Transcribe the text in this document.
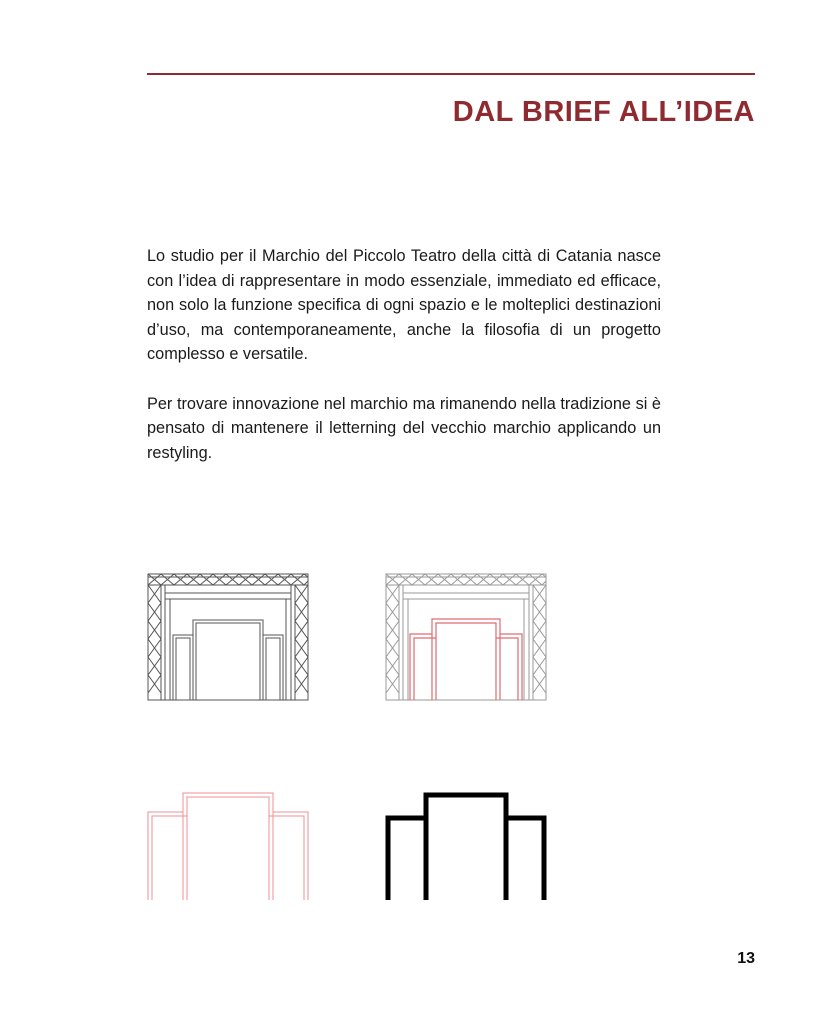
DAL BRIEF ALL’IDEA

Lo studio per il Marchio del Piccolo Teatro della città di Catania nasce con l’idea di rappresentare in modo essenziale, immediato ed efficace, non solo la funzione specifica di ogni spazio e le molteplici destinazioni d’uso, ma contemporaneamente, anche la filosofia di un progetto complesso e versatile.

Per trovare innovazione nel marchio ma rimanendo nella tradizione si è pensato di mantenere il letterning del vecchio marchio applicando un restyling.

13
